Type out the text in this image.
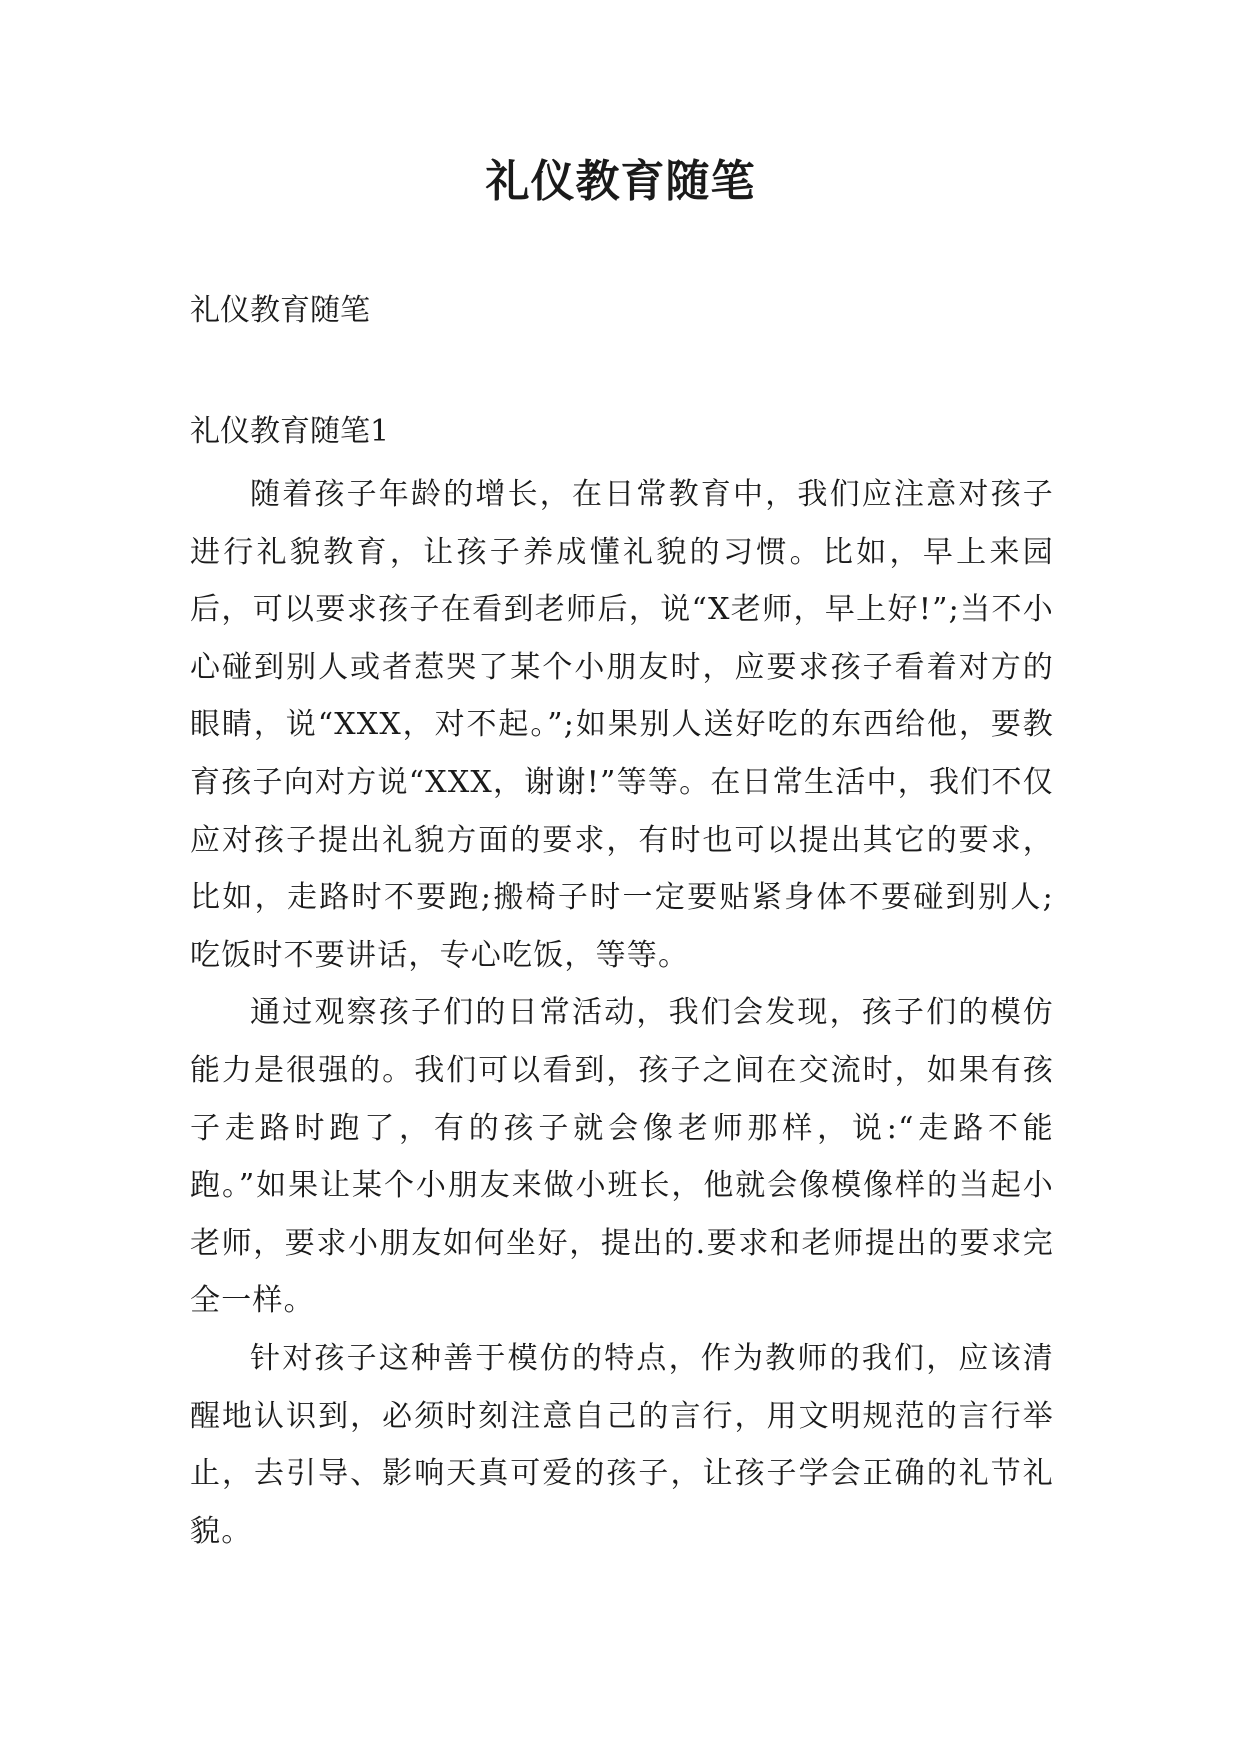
礼仪教育随笔

礼仪教育随笔

礼仪教育随笔1

随着孩子年龄的增长，在日常教育中，我们应注意对孩子进行礼貌教育，让孩子养成懂礼貌的习惯。比如，早上来园后，可以要求孩子在看到老师后，说“X老师，早上好!”;当不小心碰到别人或者惹哭了某个小朋友时，应要求孩子看着对方的眼睛，说“XXX，对不起。”;如果别人送好吃的东西给他，要教育孩子向对方说“XXX，谢谢!”等等。在日常生活中，我们不仅应对孩子提出礼貌方面的要求，有时也可以提出其它的要求，比如，走路时不要跑;搬椅子时一定要贴紧身体不要碰到别人;吃饭时不要讲话，专心吃饭，等等。

通过观察孩子们的日常活动，我们会发现，孩子们的模仿能力是很强的。我们可以看到，孩子之间在交流时，如果有孩子走路时跑了，有的孩子就会像老师那样，说:“走路不能跑。”如果让某个小朋友来做小班长，他就会像模像样的当起小老师，要求小朋友如何坐好，提出的.要求和老师提出的要求完全一样。

针对孩子这种善于模仿的特点，作为教师的我们，应该清醒地认识到，必须时刻注意自己的言行，用文明规范的言行举止，去引导、影响天真可爱的孩子，让孩子学会正确的礼节礼貌。
